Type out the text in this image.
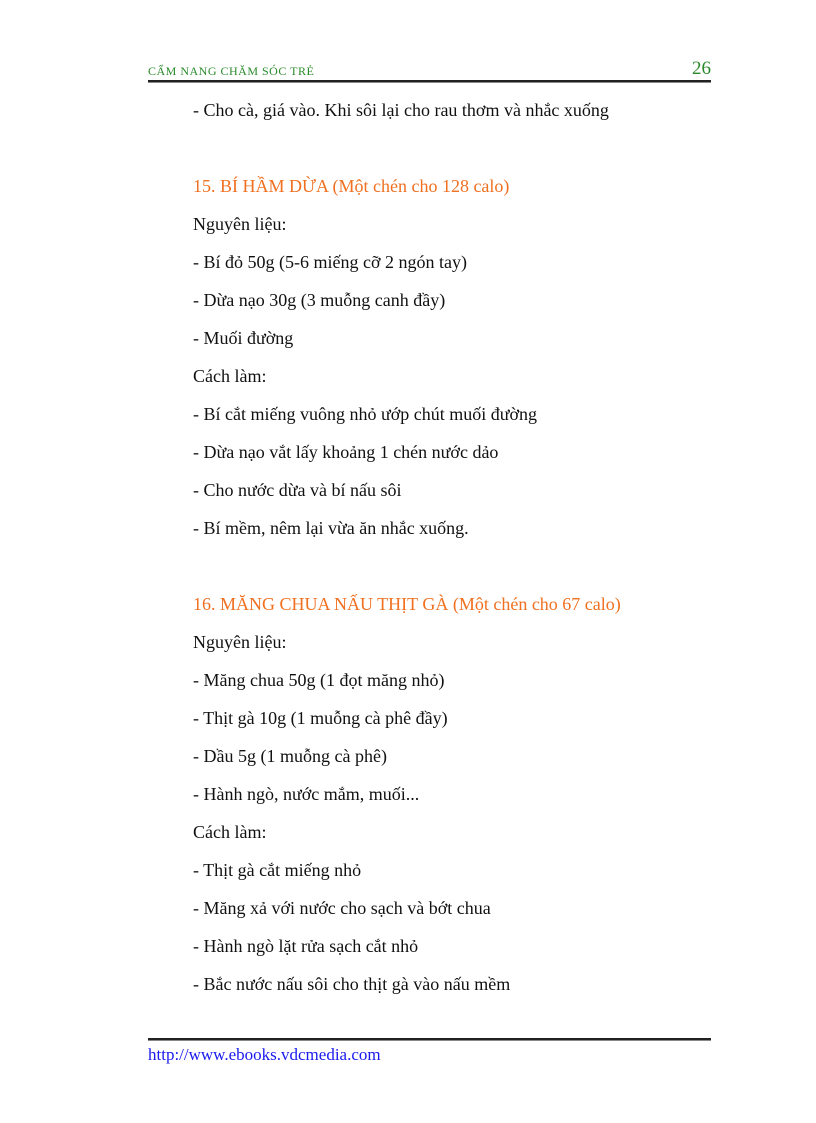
CẨM NANG CHĂM SÓC TRẺ	26
- Cho cà, giá vào. Khi sôi lại cho rau thơm và nhắc xuống
15. BÍ HẦM DỪA (Một chén cho 128 calo)
Nguyên liệu:
- Bí đỏ 50g (5-6 miếng cỡ 2 ngón tay)
- Dừa nạo 30g (3 muỗng canh đầy)
- Muối đường
Cách làm:
- Bí cắt miếng vuông nhỏ ướp chút muối đường
- Dừa nạo vắt lấy khoảng 1 chén nước dảo
- Cho nước dừa và bí nấu sôi
- Bí mềm, nêm lại vừa ăn nhắc xuống.
16. MĂNG CHUA NẤU THỊT GÀ (Một chén cho 67 calo)
Nguyên liệu:
- Măng chua 50g (1 đọt măng nhỏ)
- Thịt gà 10g (1 muỗng cà phê đầy)
- Dầu 5g (1 muỗng cà phê)
- Hành ngò, nước mắm, muối...
Cách làm:
- Thịt gà cắt miếng nhỏ
- Măng xả với nước cho sạch và bớt chua
- Hành ngò lặt rửa sạch cắt nhỏ
- Bắc nước nấu sôi cho thịt gà vào nấu mềm
http://www.ebooks.vdcmedia.com
